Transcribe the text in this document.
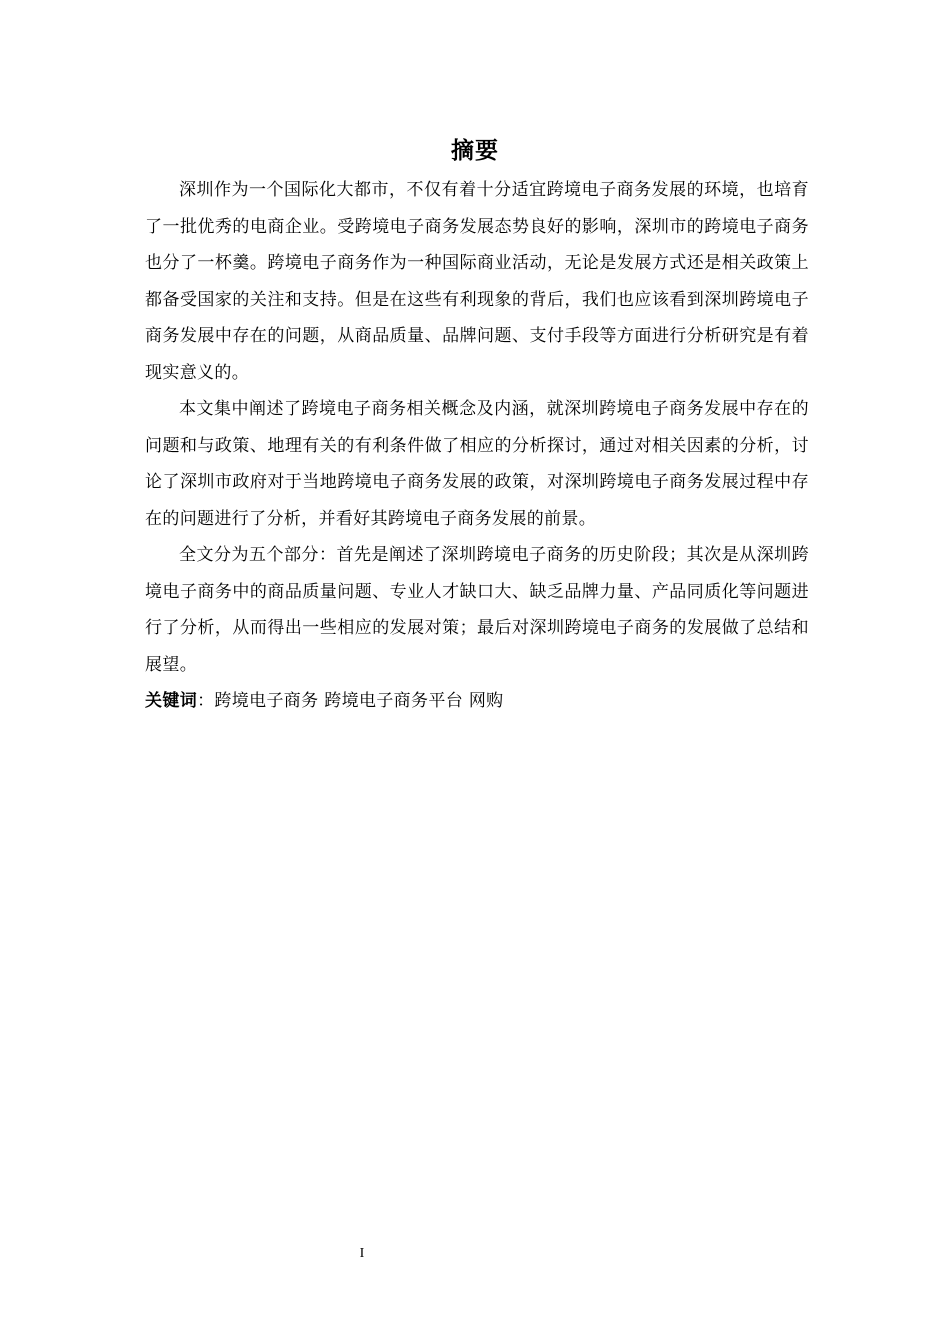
摘要

深圳作为一个国际化大都市，不仅有着十分适宜跨境电子商务发展的环境，也培育了一批优秀的电商企业。受跨境电子商务发展态势良好的影响，深圳市的跨境电子商务也分了一杯羹。跨境电子商务作为一种国际商业活动，无论是发展方式还是相关政策上都备受国家的关注和支持。但是在这些有利现象的背后，我们也应该看到深圳跨境电子商务发展中存在的问题，从商品质量、品牌问题、支付手段等方面进行分析研究是有着现实意义的。

本文集中阐述了跨境电子商务相关概念及内涵，就深圳跨境电子商务发展中存在的问题和与政策、地理有关的有利条件做了相应的分析探讨，通过对相关因素的分析，讨论了深圳市政府对于当地跨境电子商务发展的政策，对深圳跨境电子商务发展过程中存在的问题进行了分析，并看好其跨境电子商务发展的前景。

全文分为五个部分：首先是阐述了深圳跨境电子商务的历史阶段；其次是从深圳跨境电子商务中的商品质量问题、专业人才缺口大、缺乏品牌力量、产品同质化等问题进行了分析，从而得出一些相应的发展对策；最后对深圳跨境电子商务的发展做了总结和展望。

关键词：跨境电子商务 跨境电子商务平台 网购

I
